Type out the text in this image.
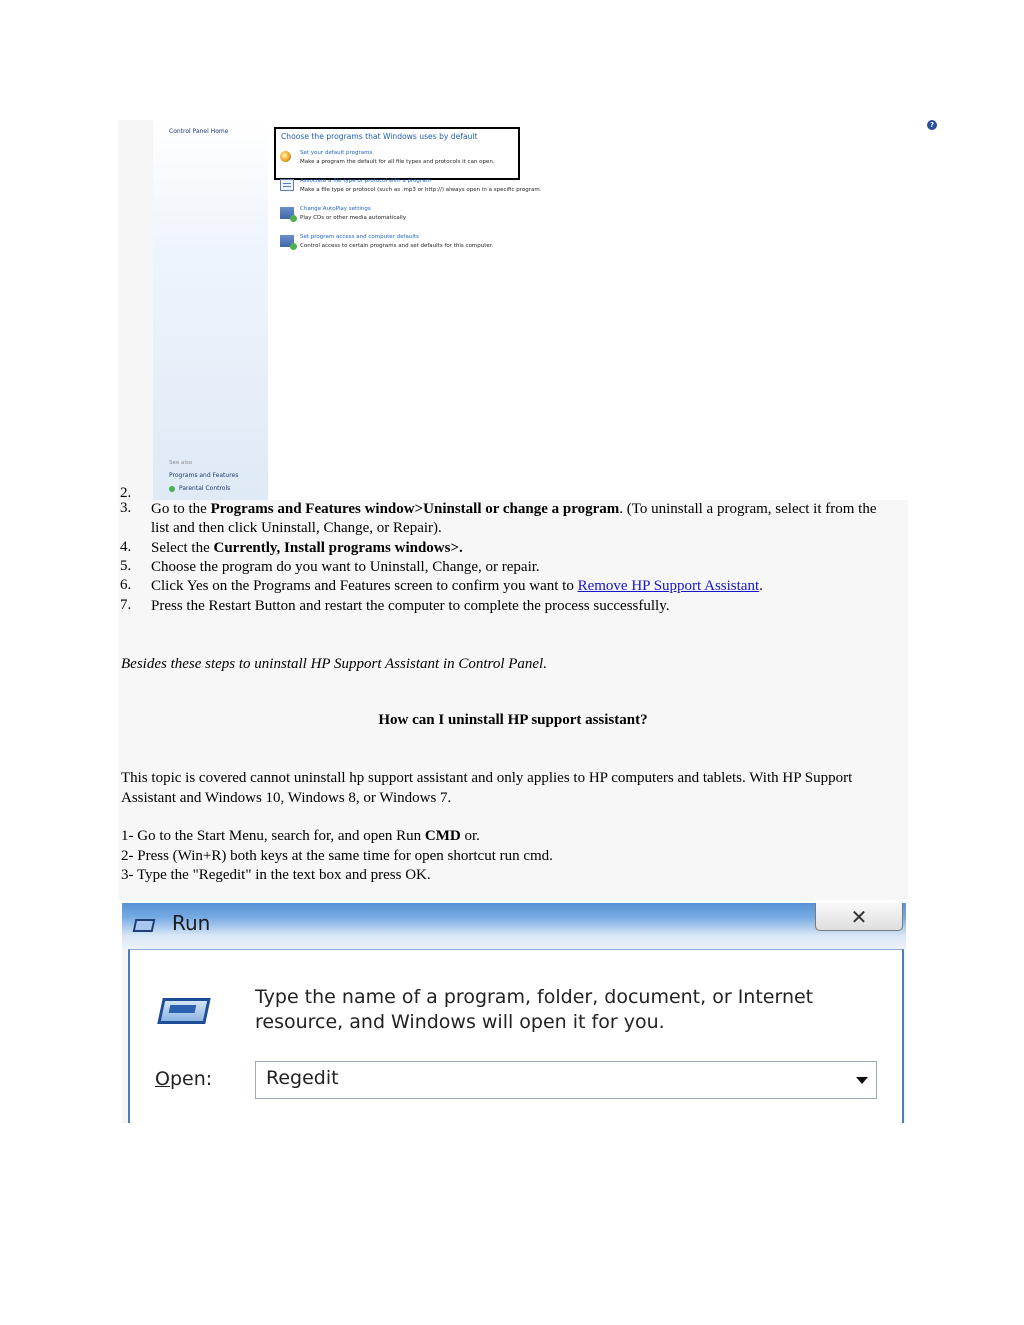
Control Panel Home
See also
Programs and Features
Parental Controls
Choose the programs that Windows uses by default
Set your default programs
Make a program the default for all file types and protocols it can open.
Associate a file type or protocol with a program
Make a file type or protocol (such as .mp3 or http://) always open in a specific program.
Change AutoPlay settings
Play CDs or other media automatically
Set program access and computer defaults
Control access to certain programs and set defaults for this computer.
?
2.
3. Go to the Programs and Features window>Uninstall or change a program. (To uninstall a program, select it from the list and then click Uninstall, Change, or Repair).
4. Select the Currently, Install programs windows>.
5. Choose the program do you want to Uninstall, Change, or repair.
6. Click Yes on the Programs and Features screen to confirm you want to Remove HP Support Assistant.
7. Press the Restart Button and restart the computer to complete the process successfully.
Besides these steps to uninstall HP Support Assistant in Control Panel.
How can I uninstall HP support assistant?
This topic is covered cannot uninstall hp support assistant and only applies to HP computers and tablets. With HP Support Assistant and Windows 10, Windows 8, or Windows 7.
1- Go to the Start Menu, search for, and open Run CMD or.
2- Press (Win+R) both keys at the same time for open shortcut run cmd.
3- Type the "Regedit" in the text box and press OK.
Run	✕
Type the name of a program, folder, document, or Internet resource, and Windows will open it for you.
Open:	Regedit
